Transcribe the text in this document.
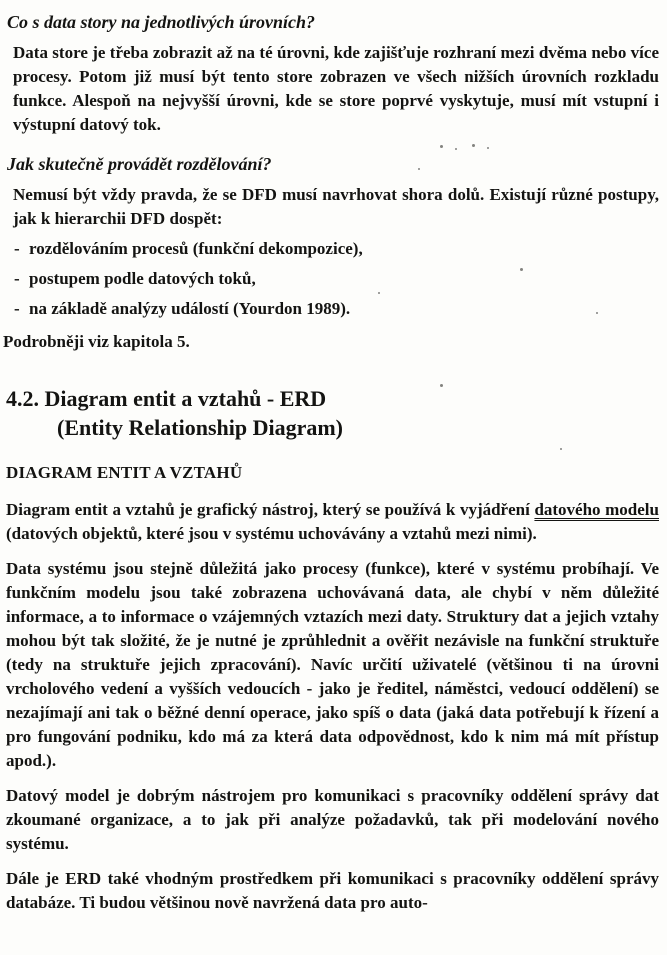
Co s data story na jednotlivých úrovních?

Data store je třeba zobrazit až na té úrovni, kde zajišťuje rozhraní mezi dvěma nebo více procesy. Potom již musí být tento store zobrazen ve všech nižších úrovních rozkladu funkce. Alespoň na nejvyšší úrovni, kde se store poprvé vyskytuje, musí mít vstupní i výstupní datový tok.

Jak skutečně provádět rozdělování?

Nemusí být vždy pravda, že se DFD musí navrhovat shora dolů. Existují různé postupy, jak k hierarchii DFD dospět:

- rozdělováním procesů (funkční dekompozice),
- postupem podle datových toků,
- na základě analýzy událostí (Yourdon 1989).

Podrobněji viz kapitola 5.

4.2. Diagram entit a vztahů - ERD
(Entity Relationship Diagram)
DIAGRAM ENTIT A VZTAHŮ

Diagram entit a vztahů je grafický nástroj, který se používá k vyjádření datového modelu (datových objektů, které jsou v systému uchovávány a vztahů mezi nimi).

Data systému jsou stejně důležitá jako procesy (funkce), které v systému probíhají. Ve funkčním modelu jsou také zobrazena uchovávaná data, ale chybí v něm důležité informace, a to informace o vzájemných vztazích mezi daty. Struktury dat a jejich vztahy mohou být tak složité, že je nutné je zprůhlednit a ověřit nezávisle na funkční struktuře (tedy na struktuře jejich zpracování). Navíc určití uživatelé (většinou ti na úrovni vrcholového vedení a vyšších vedoucích - jako je ředitel, náměstci, vedoucí oddělení) se nezajímají ani tak o běžné denní operace, jako spíš o data (jaká data potřebují k řízení a pro fungování podniku, kdo má za která data odpovědnost, kdo k nim má mít přístup apod.).

Datový model je dobrým nástrojem pro komunikaci s pracovníky oddělení správy dat zkoumané organizace, a to jak při analýze požadavků, tak při modelování nového systému.

Dále je ERD také vhodným prostředkem při komunikaci s pracovníky oddělení správy databáze. Ti budou většinou nově navržená data pro auto-
